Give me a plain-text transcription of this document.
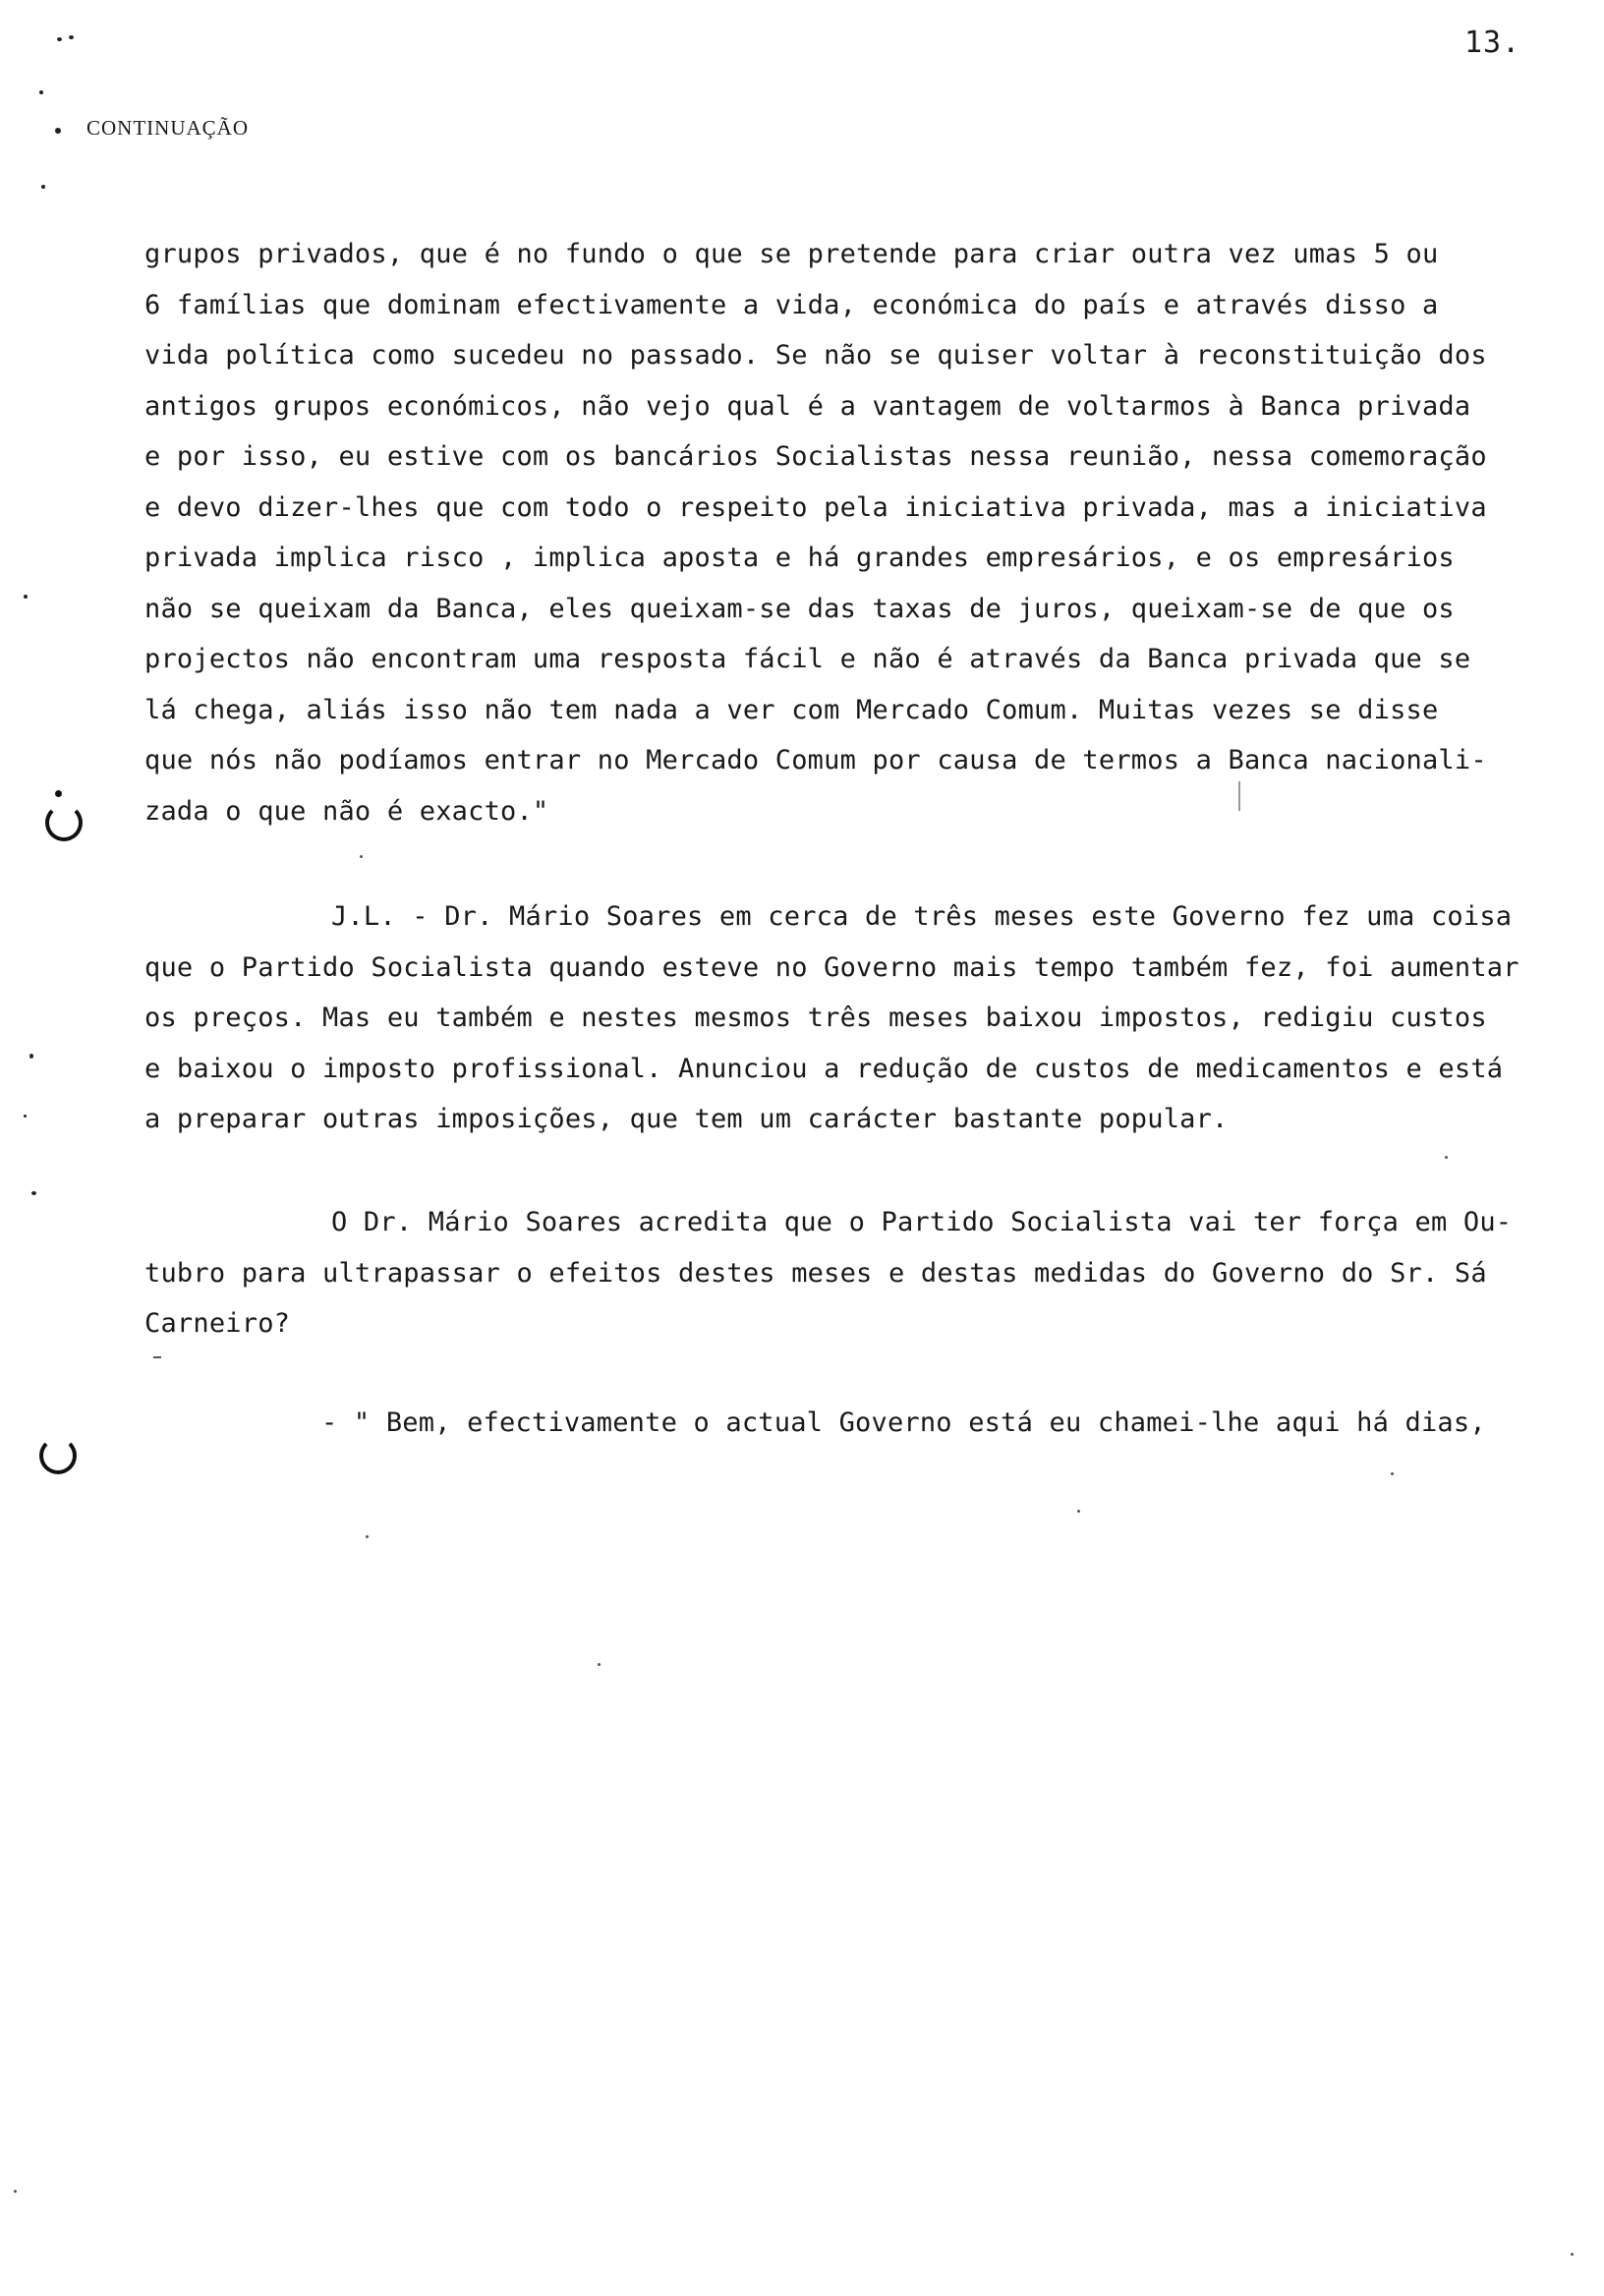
13.
CONTINUAÇÃO
grupos privados, que é no fundo o que se pretende para criar outra vez umas 5 ou
6 famílias que dominam efectivamente a vida, económica do país e através disso a
vida política como sucedeu no passado. Se não se quiser voltar à reconstituição dos
antigos grupos económicos, não vejo qual é a vantagem de voltarmos à Banca privada
e por isso, eu estive com os bancários Socialistas nessa reunião, nessa comemoração
e devo dizer-lhes que com todo o respeito pela iniciativa privada, mas a iniciativa
privada implica risco , implica aposta e há grandes empresários, e os empresários
não se queixam da Banca, eles queixam-se das taxas de juros, queixam-se de que os
projectos não encontram uma resposta fácil e não é através da Banca privada que se
lá chega, aliás isso não tem nada a ver com Mercado Comum. Muitas vezes se disse
que nós não podíamos entrar no Mercado Comum por causa de termos a Banca nacionali-
zada o que não é exacto."
J.L. - Dr. Mário Soares em cerca de três meses este Governo fez uma coisa
que o Partido Socialista quando esteve no Governo mais tempo também fez, foi aumentar
os preços. Mas eu também e nestes mesmos três meses baixou impostos, redigiu custos
e baixou o imposto profissional. Anunciou a redução de custos de medicamentos e está
a preparar outras imposições, que tem um carácter bastante popular.
O Dr. Mário Soares acredita que o Partido Socialista vai ter força em Ou-
tubro para ultrapassar o efeitos destes meses e destas medidas do Governo do Sr. Sá
Carneiro?
- " Bem, efectivamente o actual Governo está eu chamei-lhe aqui há dias,
